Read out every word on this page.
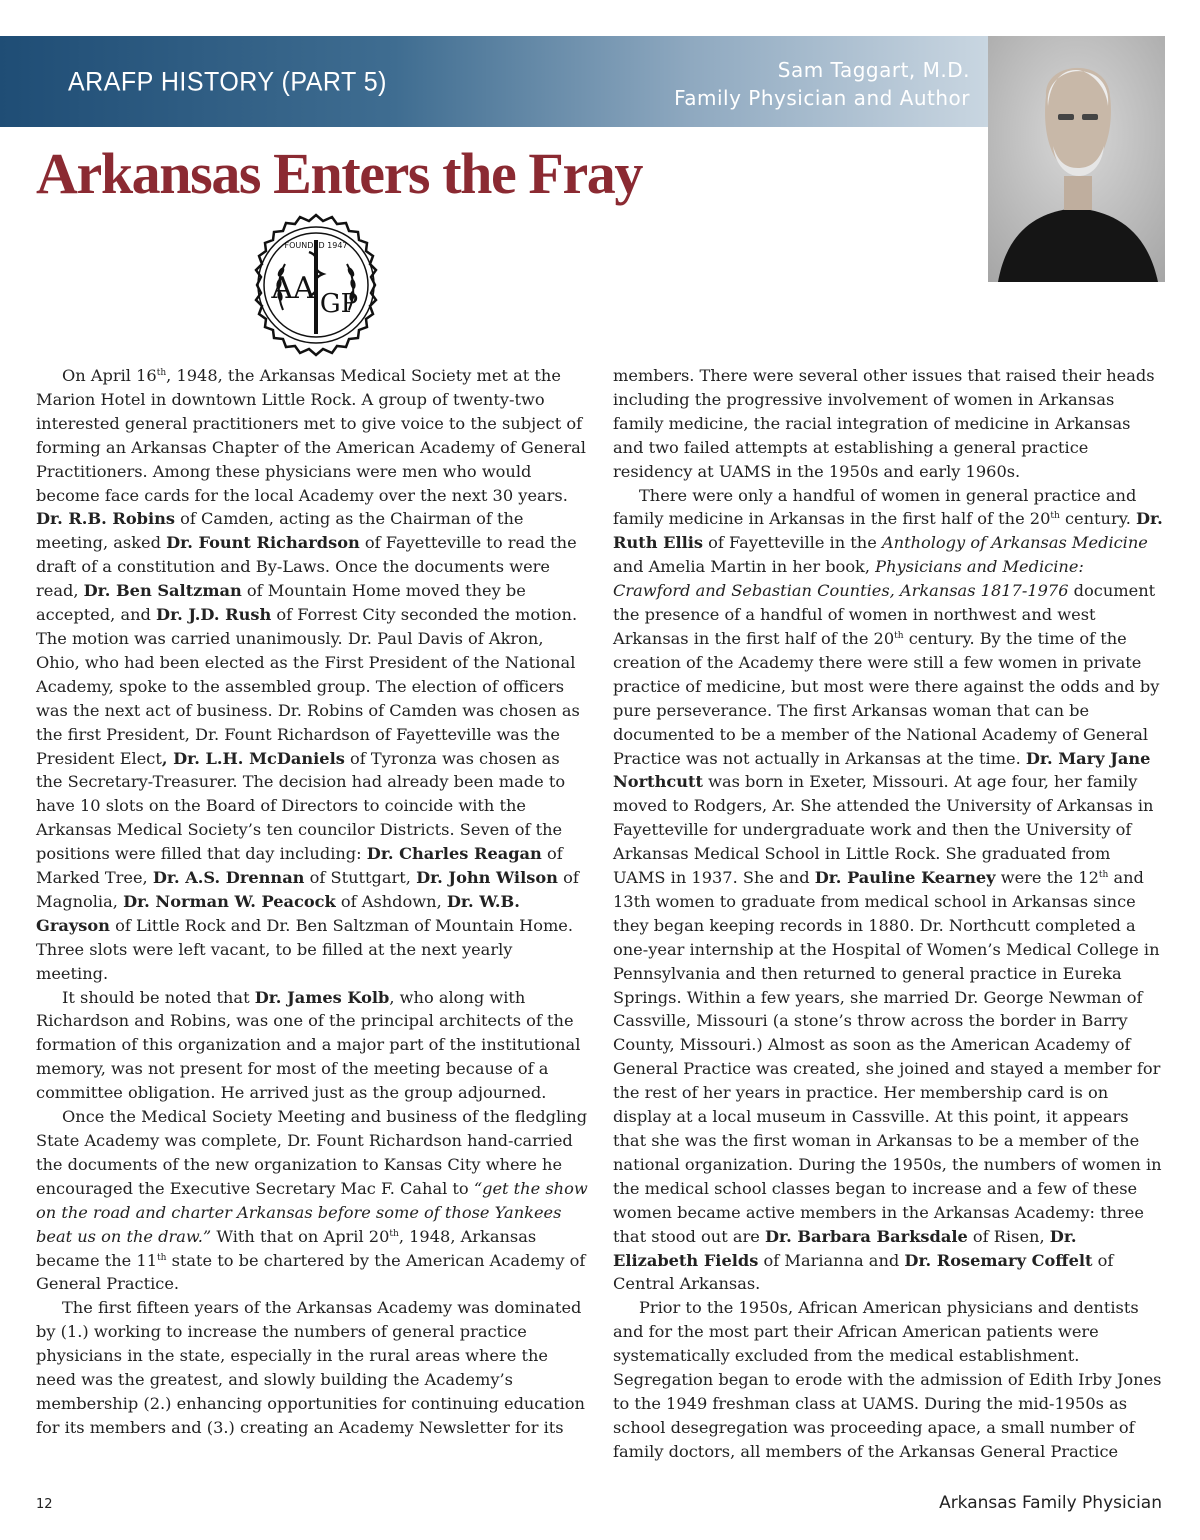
ARAFP HISTORY (PART 5)	Sam Taggart, M.D.
Family Physician and Author
Arkansas Enters the Fray
FOUNDED 1947
AA GP

On April 16th, 1948, the Arkansas Medical Society met at the Marion Hotel in downtown Little Rock. A group of twenty-two interested general practitioners met to give voice to the subject of forming an Arkansas Chapter of the American Academy of General Practitioners. Among these physicians were men who would become face cards for the local Academy over the next 30 years. Dr. R.B. Robins of Camden, acting as the Chairman of the meeting, asked Dr. Fount Richardson of Fayetteville to read the draft of a constitution and By-Laws. Once the documents were read, Dr. Ben Saltzman of Mountain Home moved they be accepted, and Dr. J.D. Rush of Forrest City seconded the motion. The motion was carried unanimously. Dr. Paul Davis of Akron, Ohio, who had been elected as the First President of the National Academy, spoke to the assembled group. The election of officers was the next act of business. Dr. Robins of Camden was chosen as the first President, Dr. Fount Richardson of Fayetteville was the President Elect, Dr. L.H. McDaniels of Tyronza was chosen as the Secretary-Treasurer. The decision had already been made to have 10 slots on the Board of Directors to coincide with the Arkansas Medical Society’s ten councilor Districts. Seven of the positions were filled that day including: Dr. Charles Reagan of Marked Tree, Dr. A.S. Drennan of Stuttgart, Dr. John Wilson of Magnolia, Dr. Norman W. Peacock of Ashdown, Dr. W.B. Grayson of Little Rock and Dr. Ben Saltzman of Mountain Home. Three slots were left vacant, to be filled at the next yearly meeting.

It should be noted that Dr. James Kolb, who along with Richardson and Robins, was one of the principal architects of the formation of this organization and a major part of the institutional memory, was not present for most of the meeting because of a committee obligation. He arrived just as the group adjourned.

Once the Medical Society Meeting and business of the fledgling State Academy was complete, Dr. Fount Richardson hand-carried the documents of the new organization to Kansas City where he encouraged the Executive Secretary Mac F. Cahal to “get the show on the road and charter Arkansas before some of those Yankees beat us on the draw.” With that on April 20th, 1948, Arkansas became the 11th state to be chartered by the American Academy of General Practice.

The first fifteen years of the Arkansas Academy was dominated by (1.) working to increase the numbers of general practice physicians in the state, especially in the rural areas where the need was the greatest, and slowly building the Academy’s membership (2.) enhancing opportunities for continuing education for its members and (3.) creating an Academy Newsletter for its

members. There were several other issues that raised their heads including the progressive involvement of women in Arkansas family medicine, the racial integration of medicine in Arkansas and two failed attempts at establishing a general practice residency at UAMS in the 1950s and early 1960s.

There were only a handful of women in general practice and family medicine in Arkansas in the first half of the 20th century. Dr. Ruth Ellis of Fayetteville in the Anthology of Arkansas Medicine and Amelia Martin in her book, Physicians and Medicine: Crawford and Sebastian Counties, Arkansas 1817-1976 document the presence of a handful of women in northwest and west Arkansas in the first half of the 20th century. By the time of the creation of the Academy there were still a few women in private practice of medicine, but most were there against the odds and by pure perseverance. The first Arkansas woman that can be documented to be a member of the National Academy of General Practice was not actually in Arkansas at the time. Dr. Mary Jane Northcutt was born in Exeter, Missouri. At age four, her family moved to Rodgers, Ar. She attended the University of Arkansas in Fayetteville for undergraduate work and then the University of Arkansas Medical School in Little Rock. She graduated from UAMS in 1937. She and Dr. Pauline Kearney were the 12th and 13th women to graduate from medical school in Arkansas since they began keeping records in 1880. Dr. Northcutt completed a one-year internship at the Hospital of Women’s Medical College in Pennsylvania and then returned to general practice in Eureka Springs. Within a few years, she married Dr. George Newman of Cassville, Missouri (a stone’s throw across the border in Barry County, Missouri.) Almost as soon as the American Academy of General Practice was created, she joined and stayed a member for the rest of her years in practice. Her membership card is on display at a local museum in Cassville. At this point, it appears that she was the first woman in Arkansas to be a member of the national organization. During the 1950s, the numbers of women in the medical school classes began to increase and a few of these women became active members in the Arkansas Academy: three that stood out are Dr. Barbara Barksdale of Risen, Dr. Elizabeth Fields of Marianna and Dr. Rosemary Coffelt of Central Arkansas.

Prior to the 1950s, African American physicians and dentists and for the most part their African American patients were systematically excluded from the medical establishment. Segregation began to erode with the admission of Edith Irby Jones to the 1949 freshman class at UAMS. During the mid-1950s as school desegregation was proceeding apace, a small number of family doctors, all members of the Arkansas General Practice

12	Arkansas Family Physician
